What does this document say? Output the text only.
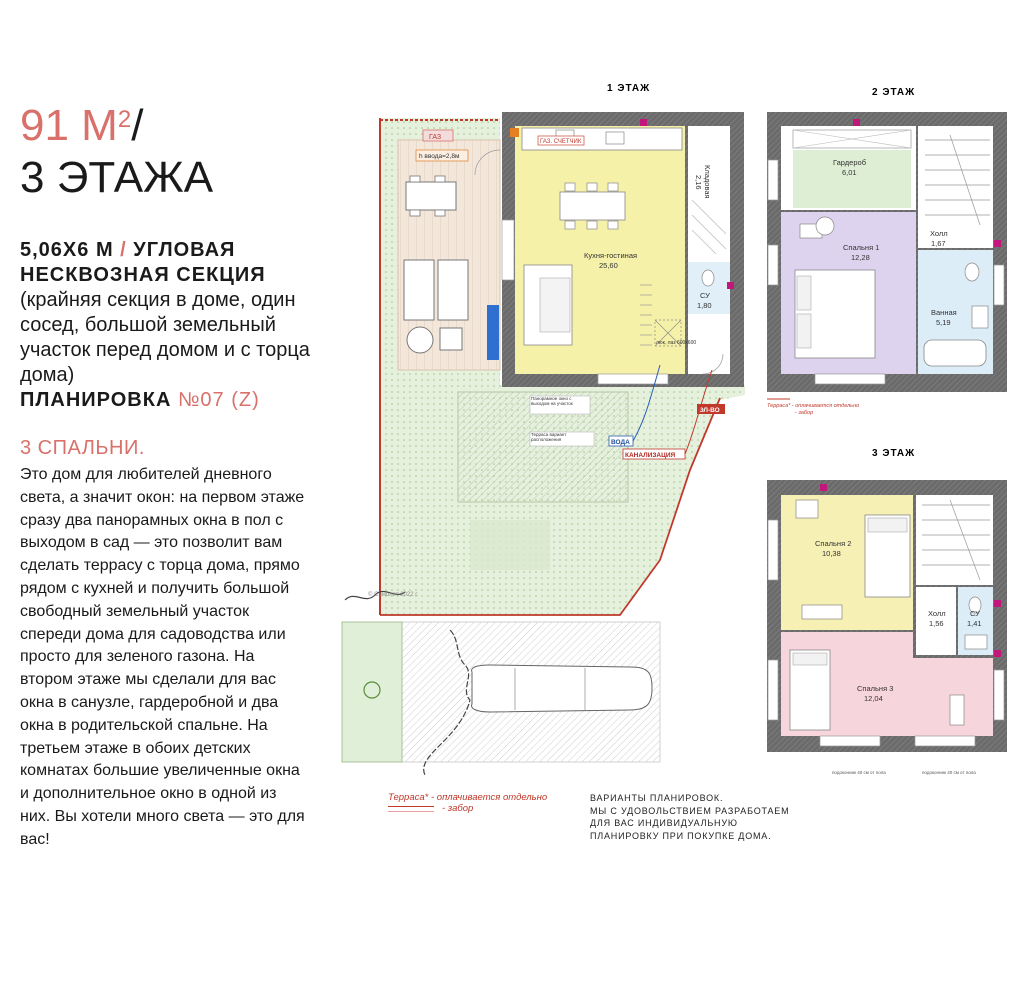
91 $М^2/$
3 ЭТАЖА
5,06Х6 М / УГЛОВАЯ
НЕСКВОЗНАЯ СЕКЦИЯ
(крайняя секция в доме, один сосед, большой земельный участок перед домом и с торца дома)
ПЛАНИРОВКА №07 (Z)
3 СПАЛЬНИ.
Это дом для любителей дневного света, а значит окон: на первом этаже сразу два панорамных окна в пол с выходом в сад — это позволит вам сделать террасу с торца дома, прямо рядом с кухней и получить большой свободный земельный участок спереди дома для садоводства или просто для зеленого газона. На втором этаже мы сделали для вас окна в санузле, гардеробной и два окна в родительской спальне. На третьем этаже в обоих детских комнатах большие увеличенные окна и дополнительное окно в одной из них. Вы хотели много света — это для вас!
1 ЭТАЖ	2 ЭТАЖ
3 ЭТАЖ
ГАЗ
h ввода=2,8м
ГАЗ. СЧЕТЧИК
люк, лаз 600х600
Кухня-гостиная
25,60
Кладовая
2,16
СУ
1,80
ВОДА
КАНАЛИЗАЦИЯ
ЭЛ-ВО
Панорамное окно с выходом на участок
Терраса вариант расположения
© Самолет 2022 г.
Гардероб
6,01
Спальня 1
12,28
Холл
1,67
Ванная
5,19
Терраса* - оплачивается отдельно
- забор
Спальня 2
10,38
Холл
1,56
СУ
1,41
Спальня 3
12,04
подоконник 40 см от пола	подоконник 40 см от пола
Терраса* - оплачивается отдельно
- забор
ВАРИАНТЫ ПЛАНИРОВОК.
МЫ С УДОВОЛЬСТВИЕМ РАЗРАБОТАЕМ
ДЛЯ ВАС ИНДИВИДУАЛЬНУЮ
ПЛАНИРОВКУ ПРИ ПОКУПКЕ ДОМА.
